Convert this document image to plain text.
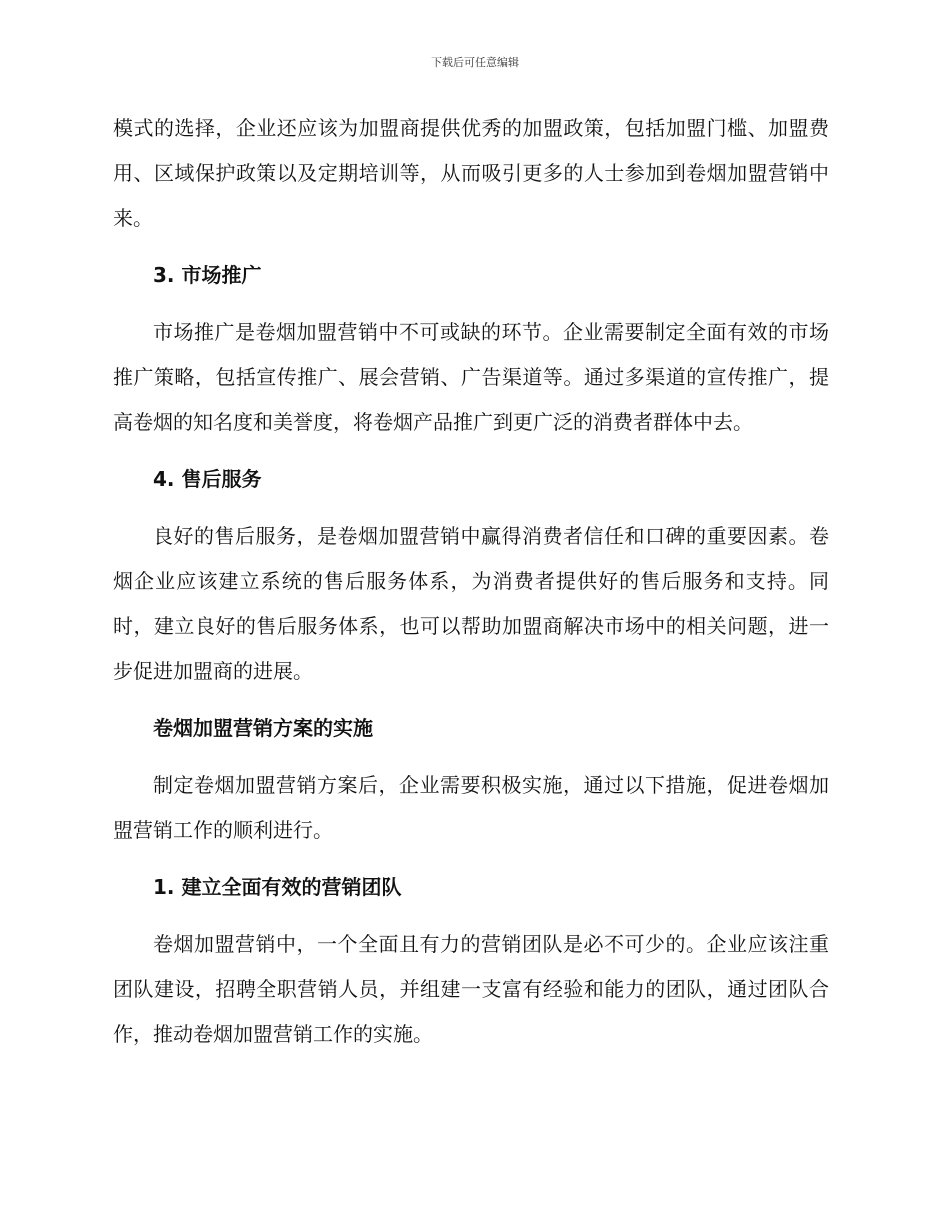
下载后可任意编辑

模式的选择，企业还应该为加盟商提供优秀的加盟政策，包括加盟门槛、加盟费用、区域保护政策以及定期培训等，从而吸引更多的人士参加到卷烟加盟营销中来。

3. 市场推广

市场推广是卷烟加盟营销中不可或缺的环节。企业需要制定全面有效的市场推广策略，包括宣传推广、展会营销、广告渠道等。通过多渠道的宣传推广，提高卷烟的知名度和美誉度，将卷烟产品推广到更广泛的消费者群体中去。

4. 售后服务

良好的售后服务，是卷烟加盟营销中赢得消费者信任和口碑的重要因素。卷烟企业应该建立系统的售后服务体系，为消费者提供好的售后服务和支持。同时，建立良好的售后服务体系，也可以帮助加盟商解决市场中的相关问题，进一步促进加盟商的进展。

卷烟加盟营销方案的实施

制定卷烟加盟营销方案后，企业需要积极实施，通过以下措施，促进卷烟加盟营销工作的顺利进行。

1. 建立全面有效的营销团队

卷烟加盟营销中，一个全面且有力的营销团队是必不可少的。企业应该注重团队建设，招聘全职营销人员，并组建一支富有经验和能力的团队，通过团队合作，推动卷烟加盟营销工作的实施。
